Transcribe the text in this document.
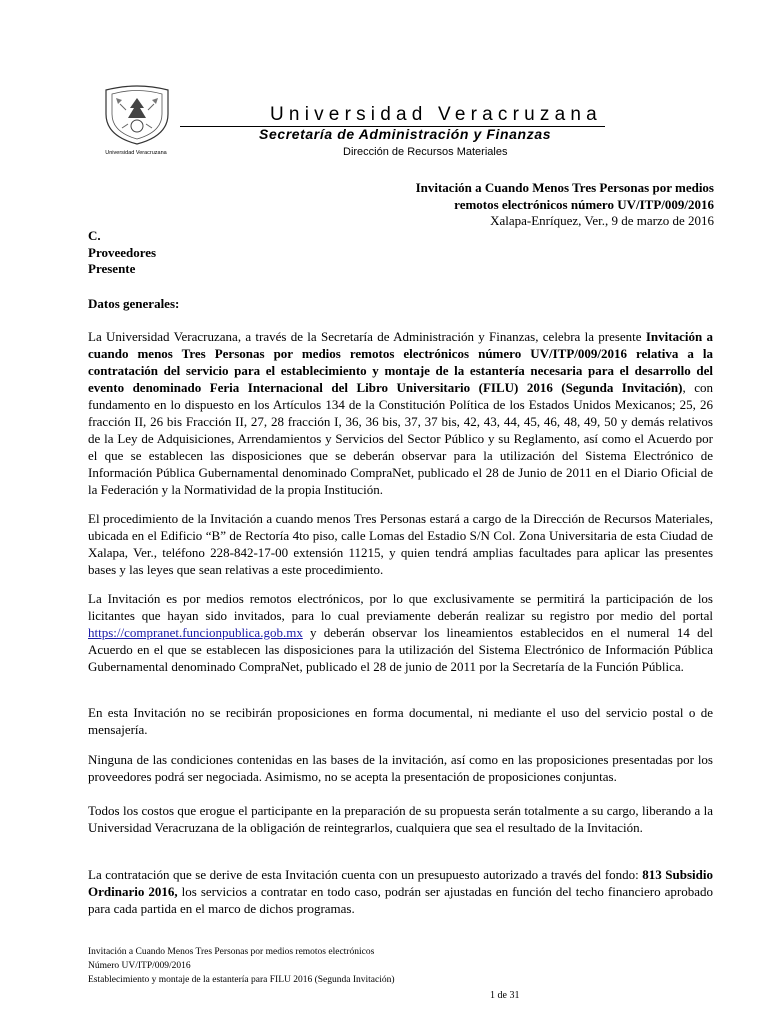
Universidad Veracruzana
Universidad Veracruzana
Secretaría de Administración y Finanzas
Dirección de Recursos Materiales
Invitación a Cuando Menos Tres Personas por medios
remotos electrónicos número UV/ITP/009/2016
Xalapa-Enríquez, Ver., 9 de marzo de 2016
C.
Proveedores
Presente
Datos generales:
La Universidad Veracruzana, a través de la Secretaría de Administración y Finanzas, celebra la presente Invitación a cuando menos Tres Personas por medios remotos electrónicos número UV/ITP/009/2016 relativa a la contratación del servicio para el establecimiento y montaje de la estantería necesaria para el desarrollo del evento denominado Feria Internacional del Libro Universitario (FILU) 2016 (Segunda Invitación), con fundamento en lo dispuesto en los Artículos 134 de la Constitución Política de los Estados Unidos Mexicanos; 25, 26 fracción II, 26 bis Fracción II, 27, 28 fracción I, 36, 36 bis, 37, 37 bis, 42, 43, 44, 45, 46, 48, 49, 50 y demás relativos de la Ley de Adquisiciones, Arrendamientos y Servicios del Sector Público y su Reglamento, así como el Acuerdo por el que se establecen las disposiciones que se deberán observar para la utilización del Sistema Electrónico de Información Pública Gubernamental denominado CompraNet, publicado el 28 de Junio de 2011 en el Diario Oficial de la Federación y la Normatividad de la propia Institución.
El procedimiento de la Invitación a cuando menos Tres Personas estará a cargo de la Dirección de Recursos Materiales, ubicada en el Edificio “B” de Rectoría 4to piso, calle Lomas del Estadio S/N Col. Zona Universitaria de esta Ciudad de Xalapa, Ver., teléfono 228-842-17-00 extensión 11215, y quien tendrá amplias facultades para aplicar las presentes bases y las leyes que sean relativas a este procedimiento.
La Invitación es por medios remotos electrónicos, por lo que exclusivamente se permitirá la participación de los licitantes que hayan sido invitados, para lo cual previamente deberán realizar su registro por medio del portal https://compranet.funcionpublica.gob.mx y deberán observar los lineamientos establecidos en el numeral 14 del Acuerdo en el que se establecen las disposiciones para la utilización del Sistema Electrónico de Información Pública Gubernamental denominado CompraNet, publicado el 28 de junio de 2011 por la Secretaría de la Función Pública.
En esta Invitación no se recibirán proposiciones en forma documental, ni mediante el uso del servicio postal o de mensajería.
Ninguna de las condiciones contenidas en las bases de la invitación, así como en las proposiciones presentadas por los proveedores podrá ser negociada. Asimismo, no se acepta la presentación de proposiciones conjuntas.
Todos los costos que erogue el participante en la preparación de su propuesta serán totalmente a su cargo, liberando a la Universidad Veracruzana de la obligación de reintegrarlos, cualquiera que sea el resultado de la Invitación.
La contratación que se derive de esta Invitación cuenta con un presupuesto autorizado a través del fondo: 813 Subsidio Ordinario 2016, los servicios a contratar en todo caso, podrán ser ajustadas en función del techo financiero aprobado para cada partida en el marco de dichos programas.
Invitación a Cuando Menos Tres Personas por medios remotos electrónicos
Número UV/ITP/009/2016
Establecimiento y montaje de la estantería para FILU 2016 (Segunda Invitación)
1 de 31
